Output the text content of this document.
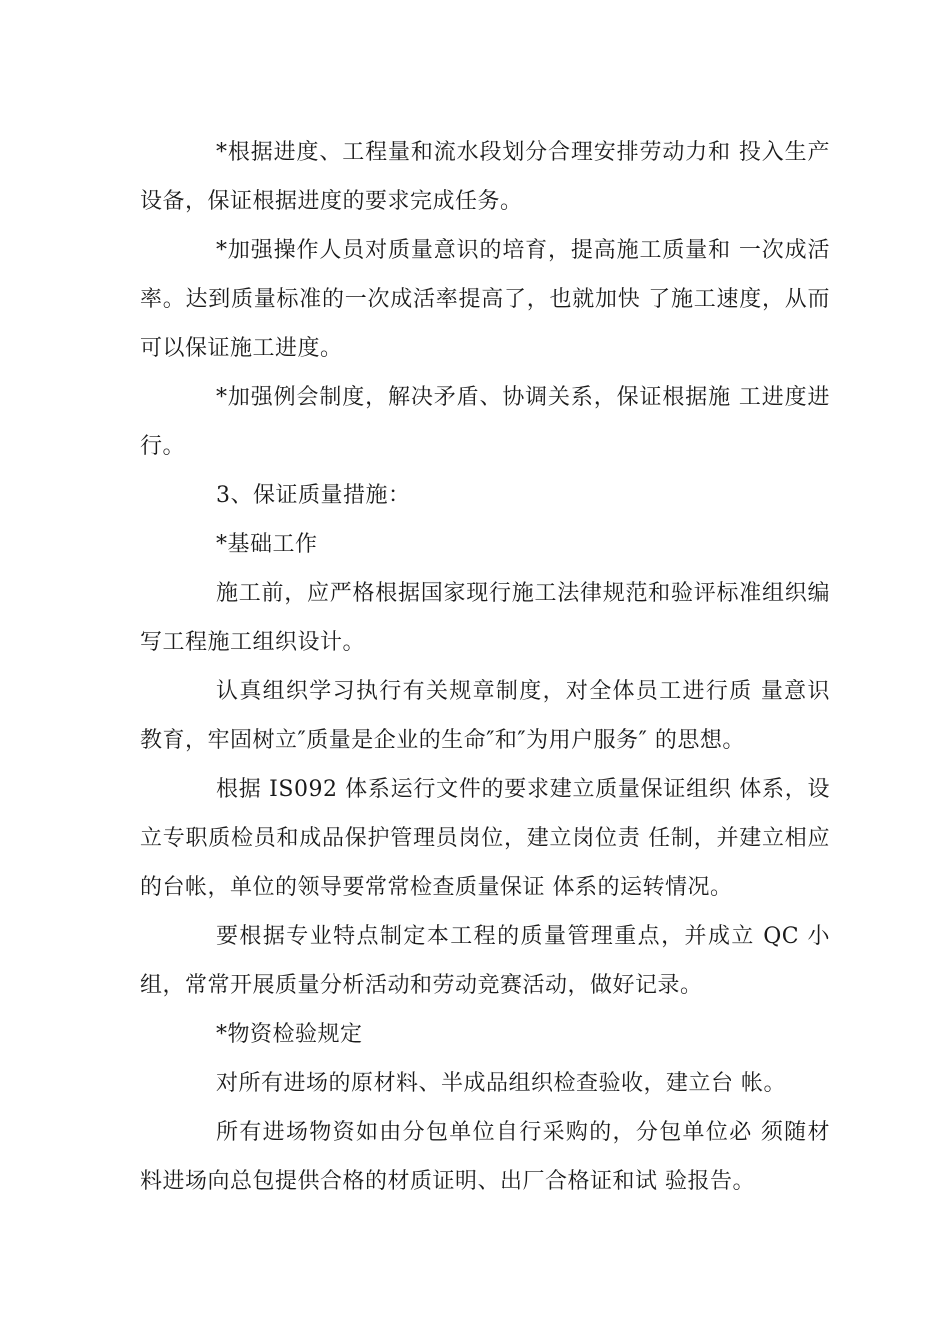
*根据进度、工程量和流水段划分合理安排劳动力和 投入生产设备，保证根据进度的要求完成任务。

*加强操作人员对质量意识的培育，提高施工质量和 一次成活率。达到质量标准的一次成活率提高了，也就加快 了施工速度，从而可以保证施工进度。

*加强例会制度，解决矛盾、协调关系，保证根据施 工进度进行。

3、保证质量措施：

*基础工作

施工前，应严格根据国家现行施工法律规范和验评标准组织编写工程施工组织设计。

认真组织学习执行有关规章制度，对全体员工进行质 量意识教育，牢固树立″质量是企业的生命″和″为用户服务″ 的思想。

根据 IS092 体系运行文件的要求建立质量保证组织 体系，设立专职质检员和成品保护管理员岗位，建立岗位责 任制，并建立相应的台帐，单位的领导要常常检查质量保证 体系的运转情况。

要根据专业特点制定本工程的质量管理重点，并成立 QC 小组，常常开展质量分析活动和劳动竞赛活动，做好记录。

*物资检验规定

对所有进场的原材料、半成品组织检查验收，建立台 帐。

所有进场物资如由分包单位自行采购的，分包单位必 须随材料进场向总包提供合格的材质证明、出厂合格证和试 验报告。
